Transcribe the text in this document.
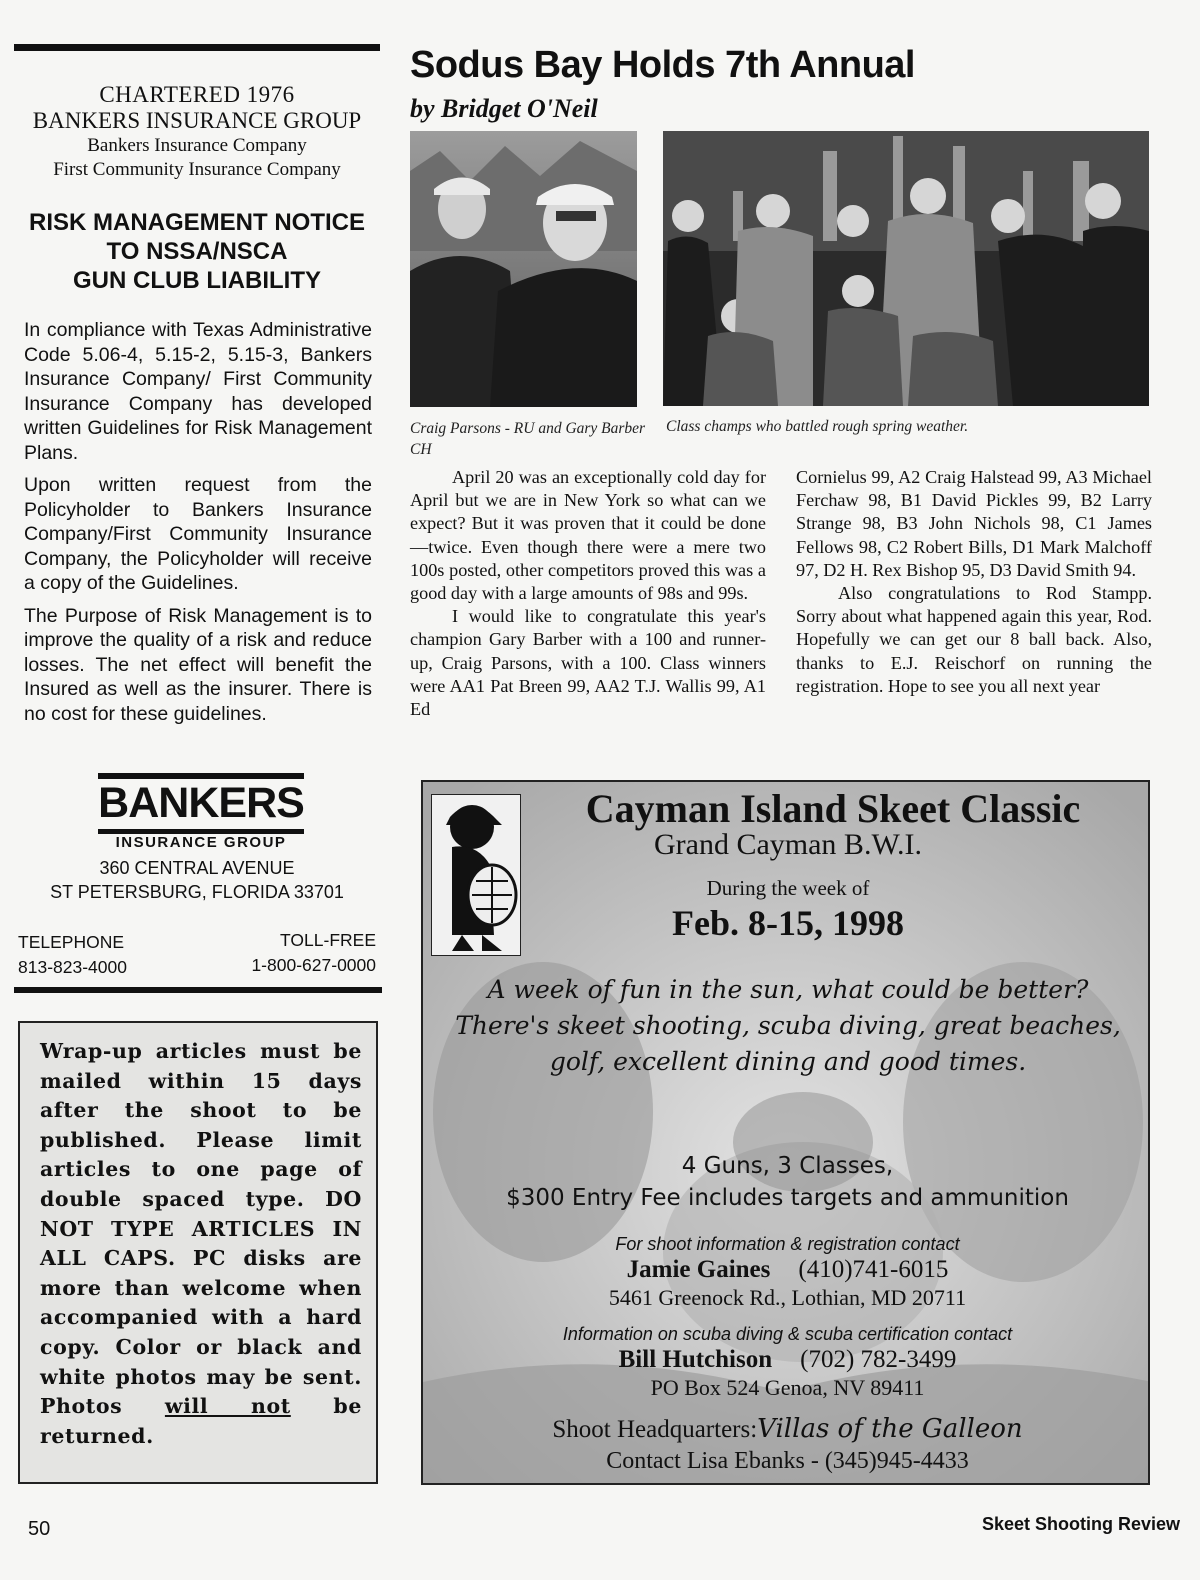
CHARTERED 1976
BANKERS INSURANCE GROUP
Bankers Insurance Company
First Community Insurance Company
RISK MANAGEMENT NOTICE
TO NSSA/NSCA
GUN CLUB LIABILITY

In compliance with Texas Administrative Code 5.06-4, 5.15-2, 5.15-3, Bankers Insurance Company/ First Community Insurance Company has developed written Guidelines for Risk Management Plans.

Upon written request from the Policyholder to Bankers Insurance Company/First Community Insurance Company, the Policyholder will receive a copy of the Guidelines.

The Purpose of Risk Management is to improve the quality of a risk and reduce losses. The net effect will benefit the Insured as well as the insurer. There is no cost for these guidelines.

BANKERS
INSURANCE GROUP
360 CENTRAL AVENUE
ST PETERSBURG, FLORIDA 33701
TELEPHONE
813-823-4000
TOLL-FREE
1-800-627-0000

Wrap-up articles must be mailed within 15 days after the shoot to be published. Please limit articles to one page of double spaced type. DO NOT TYPE ARTICLES IN ALL CAPS. PC disks are more than welcome when accompanied with a hard copy. Color or black and white photos may be sent. Photos will not be returned.

Sodus Bay Holds 7th Annual
by Bridget O'Neil
Craig Parsons - RU and Gary Barber CH
Class champs who battled rough spring weather.

April 20 was an exceptionally cold day for April but we are in New York so what can we expect? But it was proven that it could be done—twice. Even though there were a mere two 100s posted, other competitors proved this was a good day with a large amounts of 98s and 99s.

I would like to congratulate this year's champion Gary Barber with a 100 and runner-up, Craig Parsons, with a 100. Class winners were AA1 Pat Breen 99, AA2 T.J. Wallis 99, A1 Ed

Cornielus 99, A2 Craig Halstead 99, A3 Michael Ferchaw 98, B1 David Pickles 99, B2 Larry Strange 98, B3 John Nichols 98, C1 James Fellows 98, C2 Robert Bills, D1 Mark Malchoff 97, D2 H. Rex Bishop 95, D3 David Smith 94.

Also congratulations to Rod Stampp. Sorry about what happened again this year, Rod. Hopefully we can get our 8 ball back. Also, thanks to E.J. Reischorf on running the registration. Hope to see you all next year

Cayman Island Skeet Classic
Grand Cayman B.W.I.
During the week of
Feb. 8-15, 1998
A week of fun in the sun, what could be better?
There's skeet shooting, scuba diving, great beaches,
golf, excellent dining and good times.
4 Guns, 3 Classes,
$300 Entry Fee includes targets and ammunition
For shoot information & registration contact
Jamie Gaines (410)741-6015
5461 Greenock Rd., Lothian, MD 20711
Information on scuba diving & scuba certification contact
Bill Hutchison (702) 782-3499
PO Box 524 Genoa, NV 89411
Shoot Headquarters:Villas of the Galleon
Contact Lisa Ebanks - (345)945-4433
50	Skeet Shooting Review
